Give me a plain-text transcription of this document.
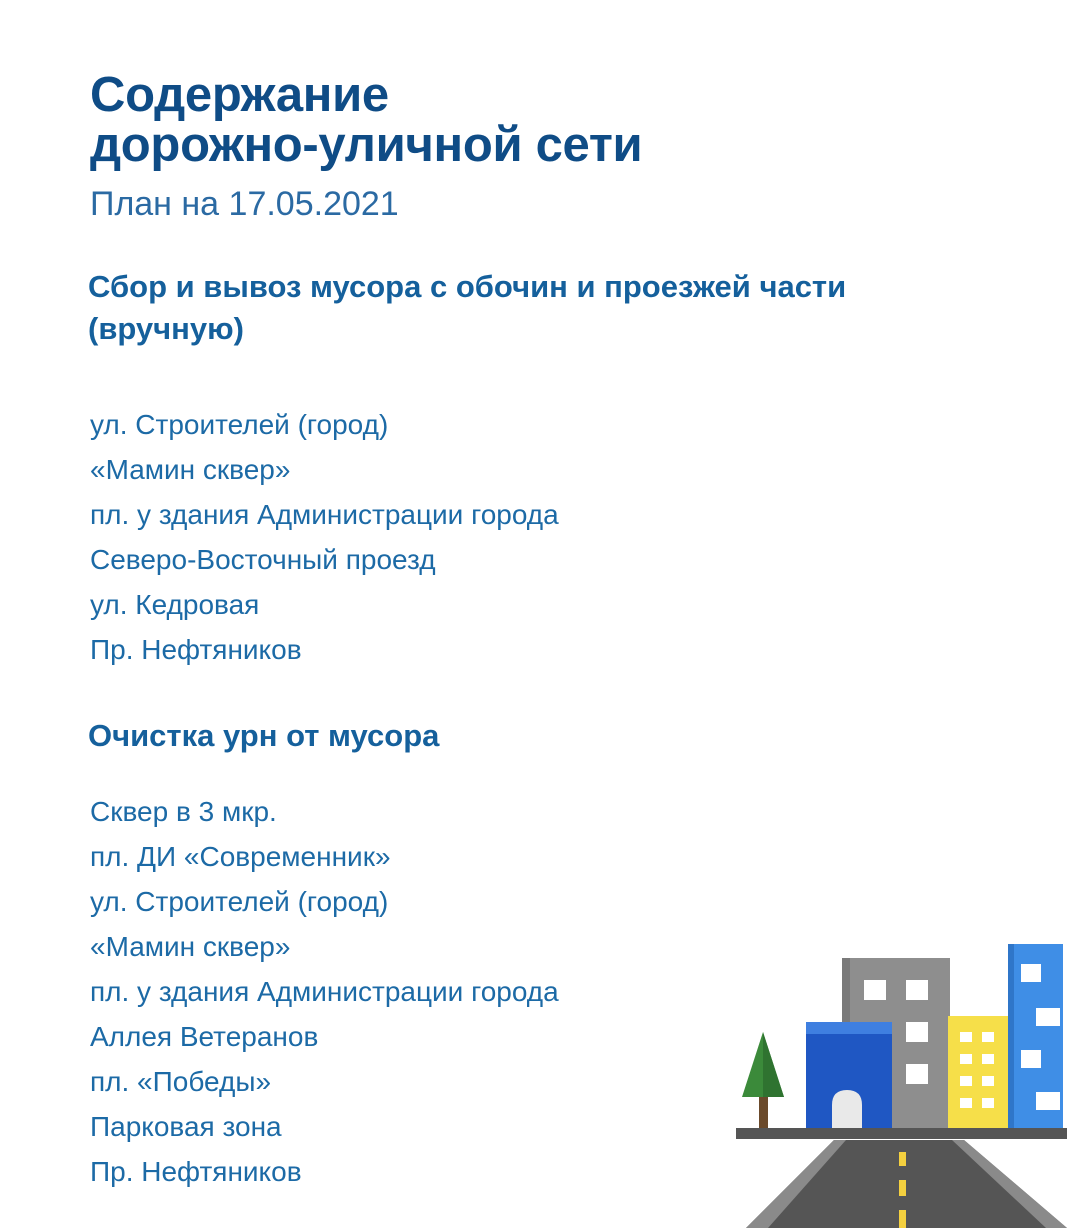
Содержание
дорожно-уличной сети
План на 17.05.2021
Сбор и вывоз мусора с обочин и проезжей части
(вручную)
ул. Строителей (город)
«Мамин сквер»
пл. у здания Администрации города
Северо-Восточный проезд
ул. Кедровая
Пр. Нефтяников
Очистка урн от мусора
Сквер в 3 мкр.
пл. ДИ «Современник»
ул. Строителей (город)
«Мамин сквер»
пл. у здания Администрации города
Аллея Ветеранов
пл. «Победы»
Парковая зона
Пр. Нефтяников
